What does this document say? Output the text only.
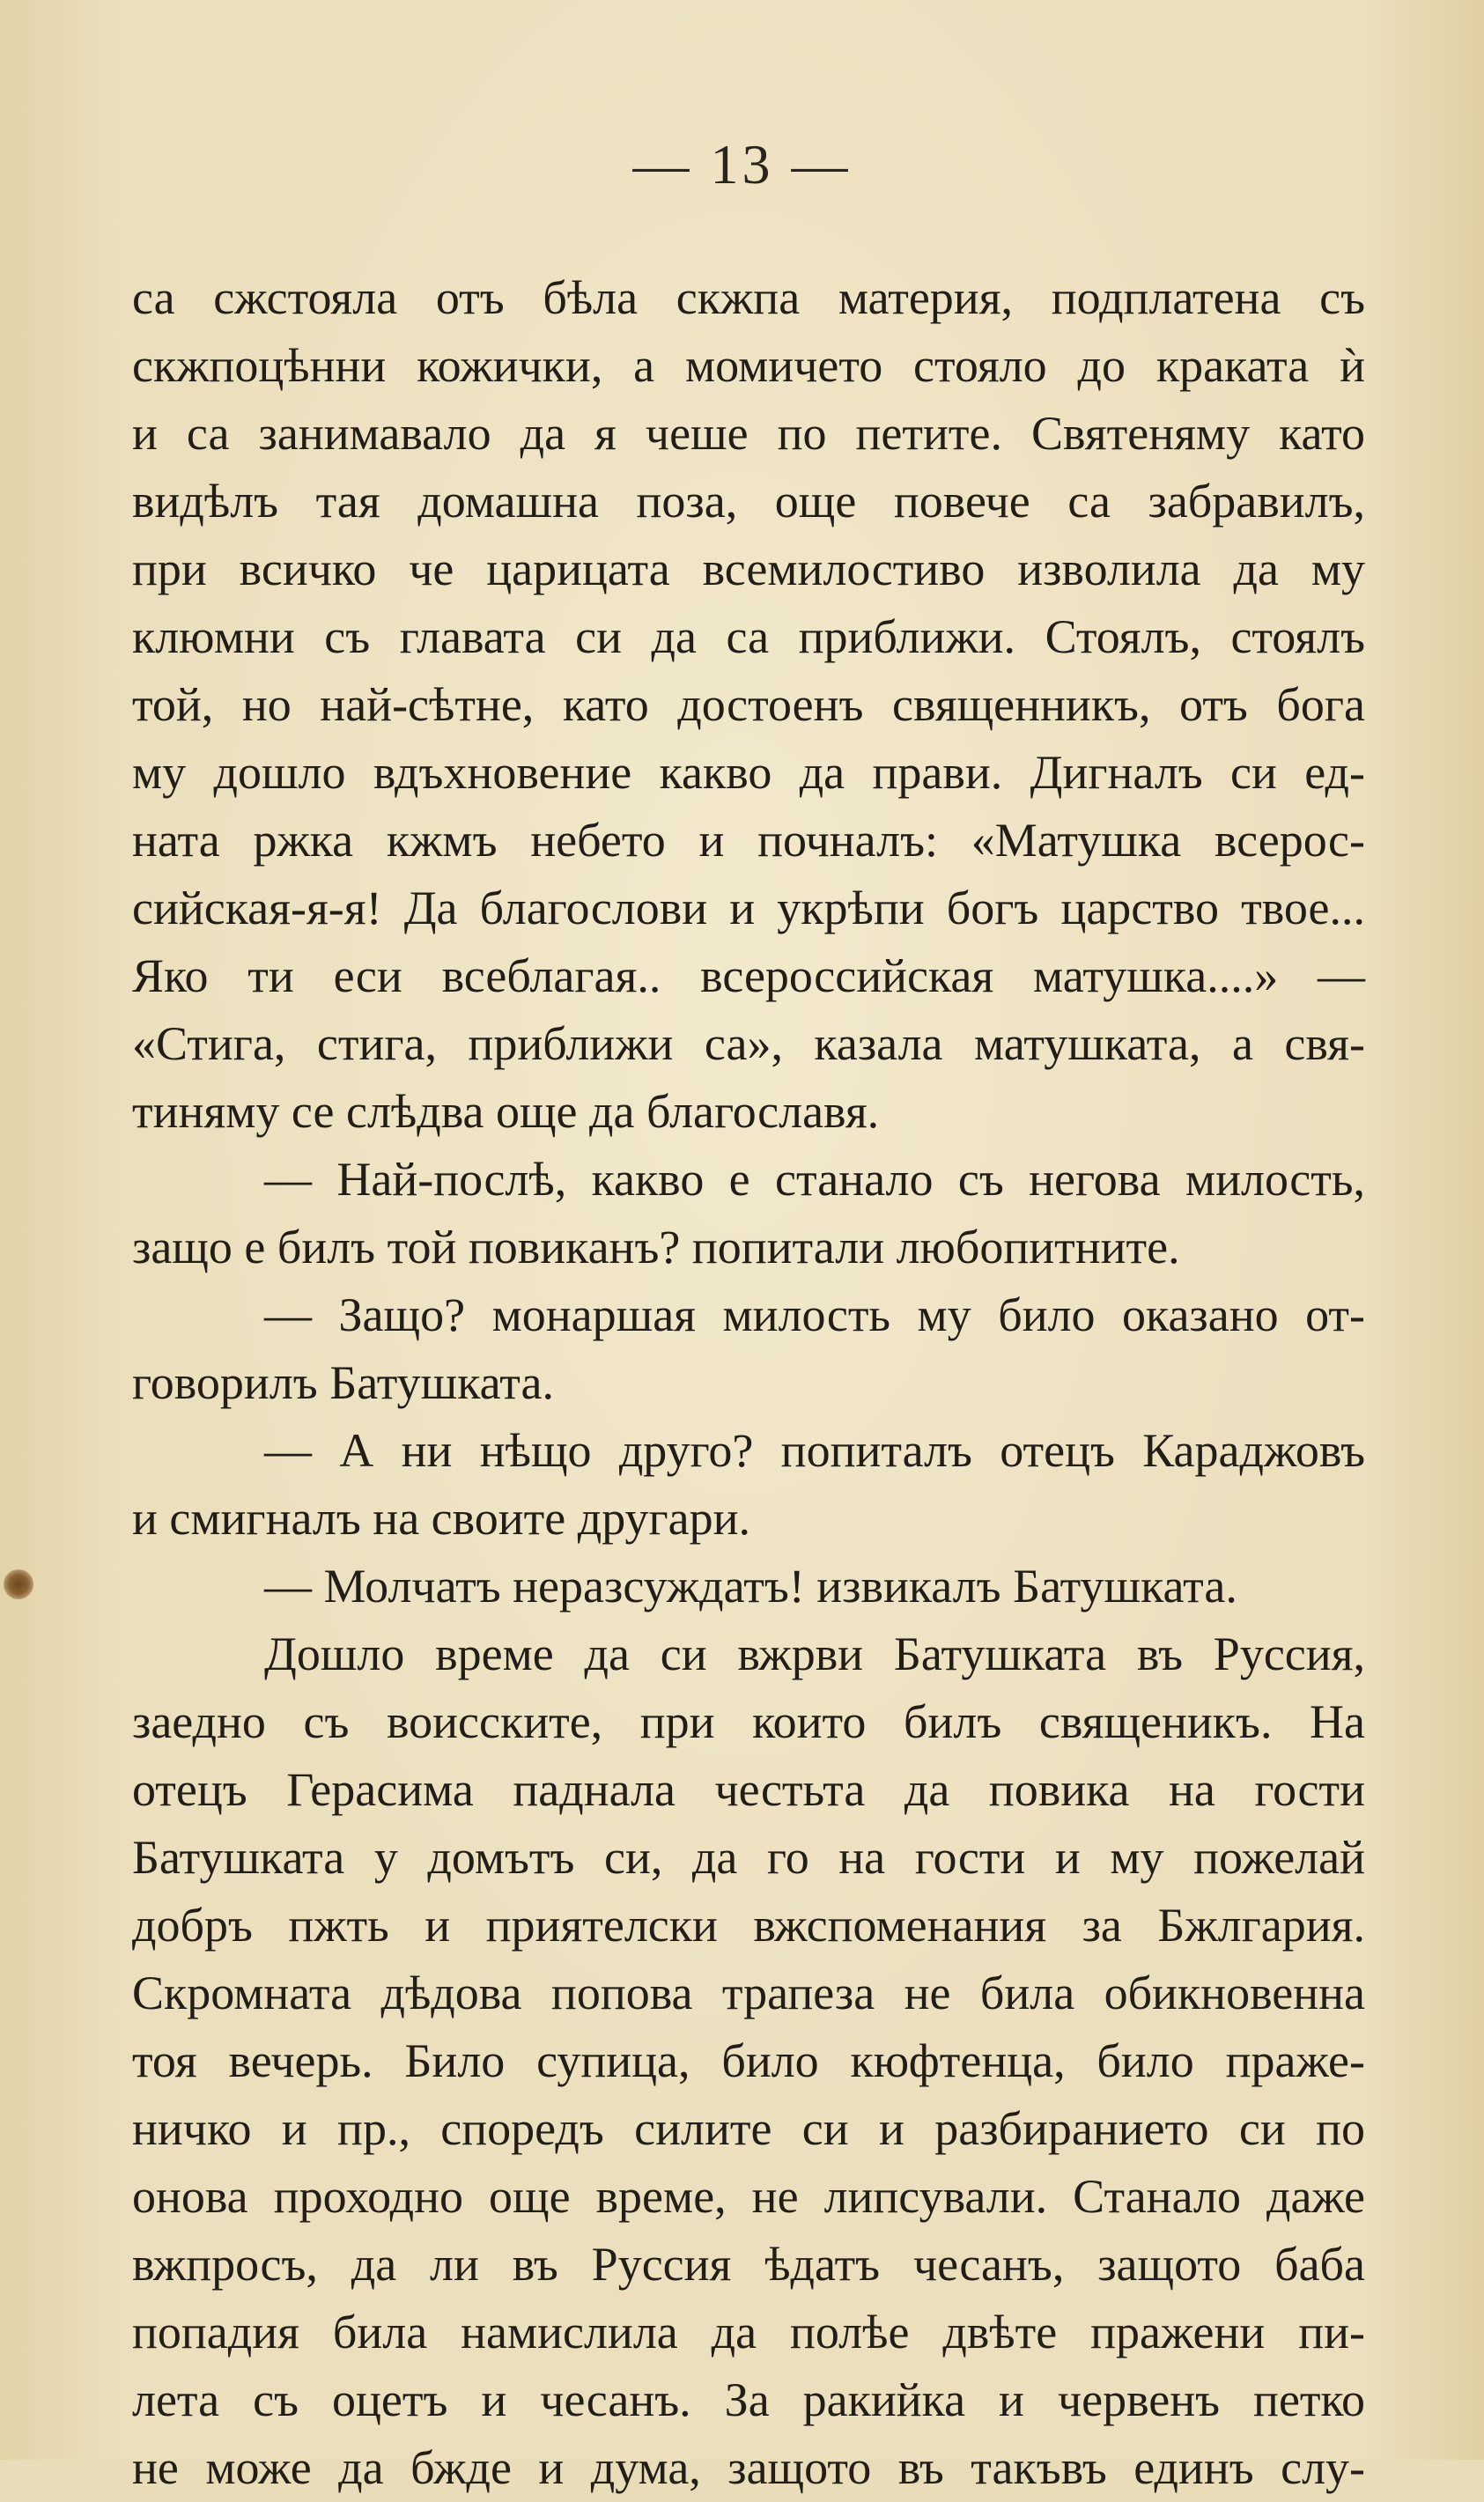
— 13 —
са сжстояла отъ бѣла скжпа материя, подплатена съ
скжпоцѣнни кожички, а момичето стояло до краката ѝ
и са занимавало да я чеше по петите. Святеняму като
видѣлъ тая домашна поза, още повече са забравилъ,
при всичко че царицата всемилостиво изволила да му
клюмни съ главата си да са приближи. Стоялъ, стоялъ
той, но най-сѣтне, като достоенъ священникъ, отъ бога
му дошло вдъхновение какво да прави. Дигналъ си ед-
ната ржка кжмъ небето и почналъ: «Матушка всерос-
сийская-я-я! Да благослови и укрѣпи богъ царство твое...
Яко ти еси всеблагая.. всероссийская матушка....» —
«Стига, стига, приближи са», казала матушката, а свя-
тиняму се слѣдва още да благославя.
— Най-послѣ, какво е станало съ негова милость,
защо е билъ той повиканъ? попитали любопитните.
— Защо? монаршая милость му било оказано от-
говорилъ Батушката.
— А ни нѣщо друго? попиталъ отецъ Караджовъ
и смигналъ на своите другари.
— Молчатъ неразсуждатъ! извикалъ Батушката.
Дошло време да си вжрви Батушката въ Руссия,
заедно съ воисските, при които билъ священикъ. На
отецъ Герасима паднала честьта да повика на гости
Батушката у домътъ си, да го на гости и му пожелай
добръ пжть и приятелски вжспоменания за Бжлгария.
Скромната дѣдова попова трапеза не била обикновенна
тоя вечерь. Било супица, било кюфтенца, било праже-
ничко и пр., споредъ силите си и разбиранието си по
онова проходно още време, не липсували. Станало даже
вжпросъ, да ли въ Руссия ѣдатъ чесанъ, защото баба
попадия била намислила да полѣе двѣте пражени пи-
лета съ оцетъ и чесанъ. За ракийка и червенъ петко
не може да бжде и дума, защото въ такъвъ единъ слу-
